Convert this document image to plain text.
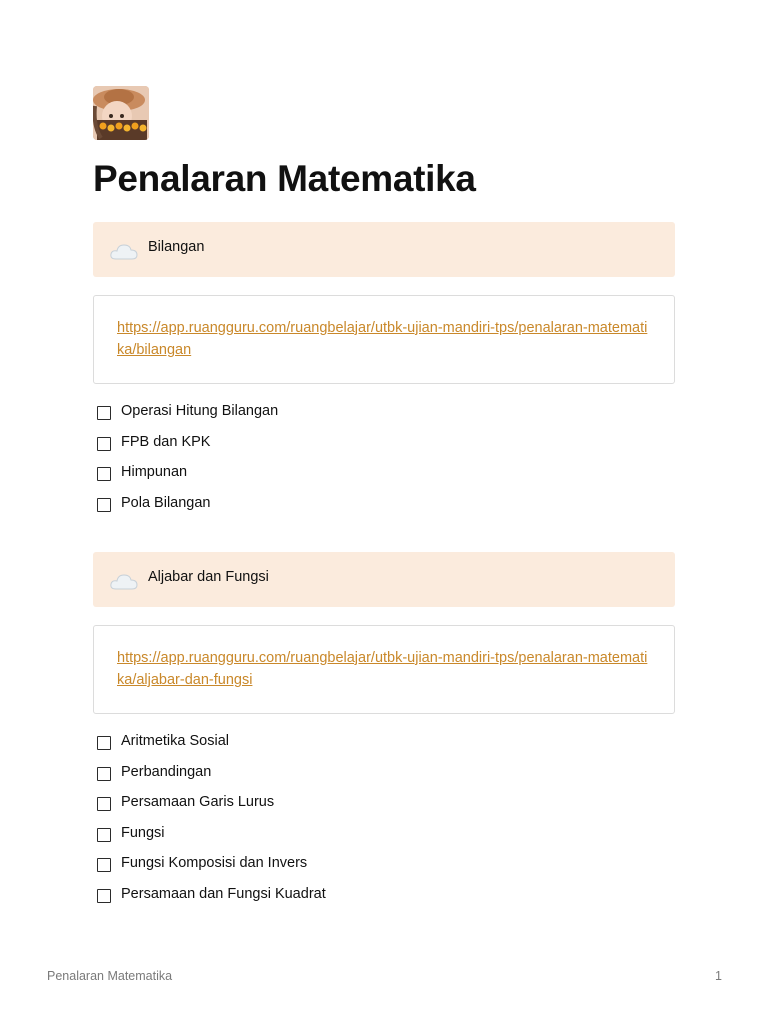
Penalaran Matematika
Bilangan
https://app.ruangguru.com/ruangbelajar/utbk-ujian-mandiri-tps/penalaran-matematika/bilangan
Operasi Hitung Bilangan
FPB dan KPK
Himpunan
Pola Bilangan
Aljabar dan Fungsi
https://app.ruangguru.com/ruangbelajar/utbk-ujian-mandiri-tps/penalaran-matematika/aljabar-dan-fungsi
Aritmetika Sosial
Perbandingan
Persamaan Garis Lurus
Fungsi
Fungsi Komposisi dan Invers
Persamaan dan Fungsi Kuadrat
Penalaran Matematika	1
